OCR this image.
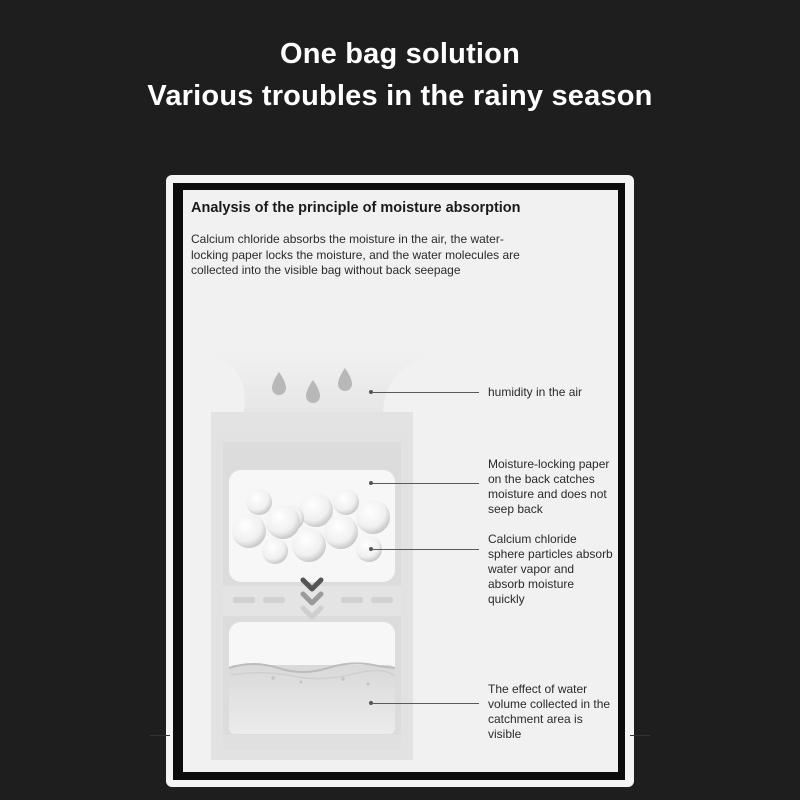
One bag solution
Various troubles in the rainy season
Analysis of the principle of moisture absorption
Calcium chloride absorbs the moisture in the air, the water-locking paper locks the moisture, and the water molecules are collected into the visible bag without back seepage
humidity in the air
Moisture-locking paper on the back catches moisture and does not seep back
Calcium chloride sphere particles absorb water vapor and absorb moisture quickly
The effect of water volume collected in the catchment area is visible
